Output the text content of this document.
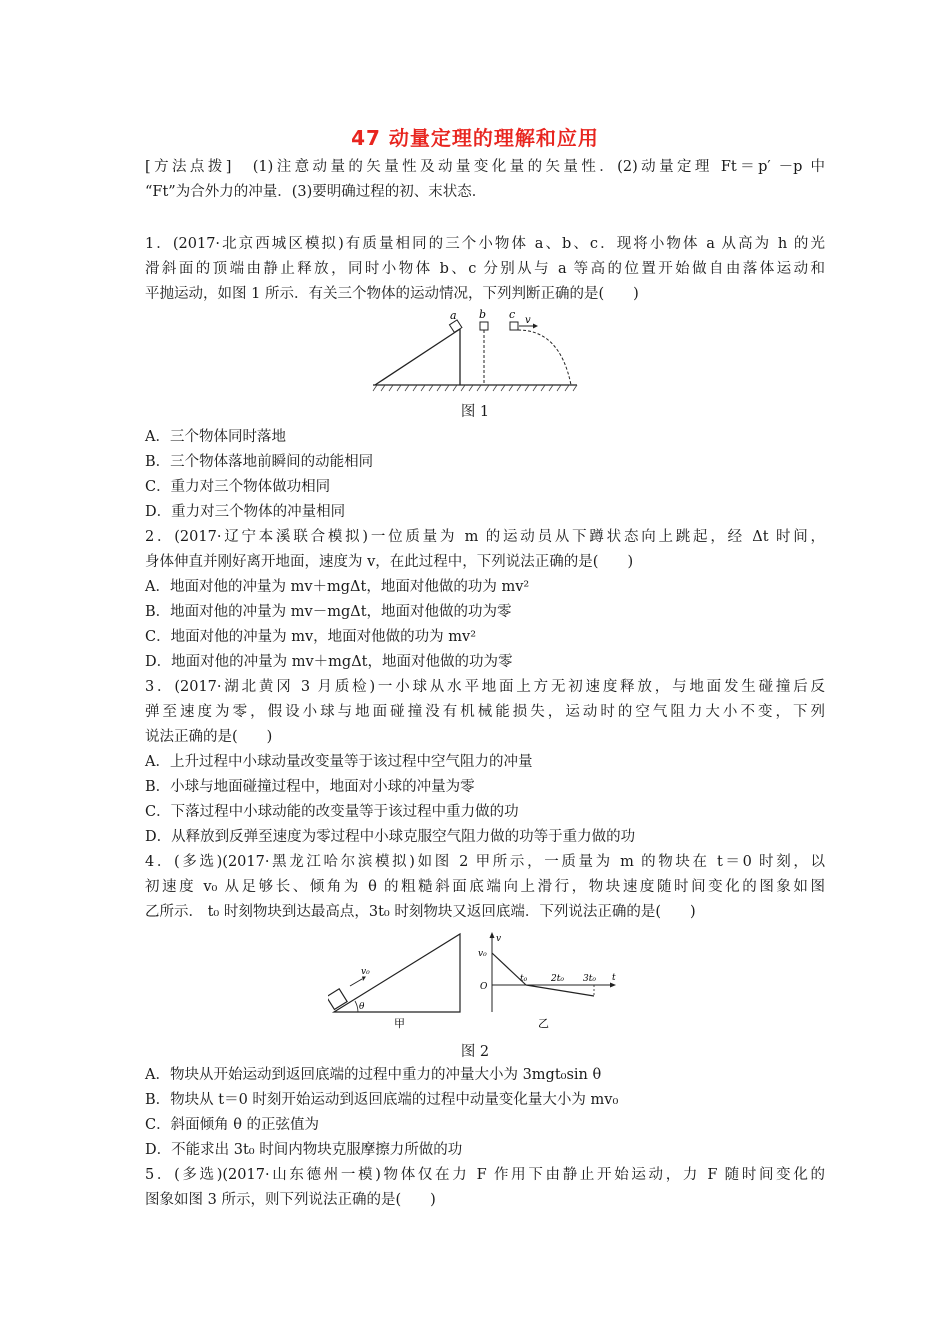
47 动量定理的理解和应用
[方法点拨]　(1)注意动量的矢量性及动量变化量的矢量性．(2)动量定理 Ft＝p′ －p 中
“Ft”为合外力的冲量．(3)要明确过程的初、末状态．
1．(2017·北京西城区模拟)有质量相同的三个小物体 a、b、c．现将小物体 a 从高为 h 的光
滑斜面的顶端由静止释放，同时小物体 b、c 分别从与 a 等高的位置开始做自由落体运动和
平抛运动，如图 1 所示．有关三个物体的运动情况，下列判断正确的是(　　)
a b c v
图 1
A．三个物体同时落地
B．三个物体落地前瞬间的动能相同
C．重力对三个物体做功相同
D．重力对三个物体的冲量相同
2．(2017·辽宁本溪联合模拟)一位质量为 m 的运动员从下蹲状态向上跳起，经 Δt 时间，
身体伸直并刚好离开地面，速度为 v，在此过程中，下列说法正确的是(　　)
A．地面对他的冲量为 mv＋mgΔt，地面对他做的功为 mv²
B．地面对他的冲量为 mv－mgΔt，地面对他做的功为零
C．地面对他的冲量为 mv，地面对他做的功为 mv²
D．地面对他的冲量为 mv＋mgΔt，地面对他做的功为零
3．(2017·湖北黄冈 3 月质检)一小球从水平地面上方无初速度释放，与地面发生碰撞后反
弹至速度为零，假设小球与地面碰撞没有机械能损失，运动时的空气阻力大小不变，下列
说法正确的是(　　)
A．上升过程中小球动量改变量等于该过程中空气阻力的冲量
B．小球与地面碰撞过程中，地面对小球的冲量为零
C．下落过程中小球动能的改变量等于该过程中重力做的功
D．从释放到反弹至速度为零过程中小球克服空气阻力做的功等于重力做的功
4．(多选)(2017·黑龙江哈尔滨模拟)如图 2 甲所示，一质量为 m 的物块在 t＝0 时刻，以
初速度 v₀ 从足够长、倾角为 θ 的粗糙斜面底端向上滑行，物块速度随时间变化的图象如图
乙所示． t₀ 时刻物块到达最高点，3t₀ 时刻物块又返回底端．下列说法正确的是(　　)
v₀
θ
甲
v
t
O
v₀
t₀	2t₀ 3t₀
乙
图 2
A．物块从开始运动到返回底端的过程中重力的冲量大小为 3mgt₀sin θ
B．物块从 t＝0 时刻开始运动到返回底端的过程中动量变化量大小为 mv₀
C．斜面倾角 θ 的正弦值为
D．不能求出 3t₀ 时间内物块克服摩擦力所做的功
5．(多选)(2017·山东德州一模)物体仅在力 F 作用下由静止开始运动，力 F 随时间变化的
图象如图 3 所示，则下列说法正确的是(　　)
